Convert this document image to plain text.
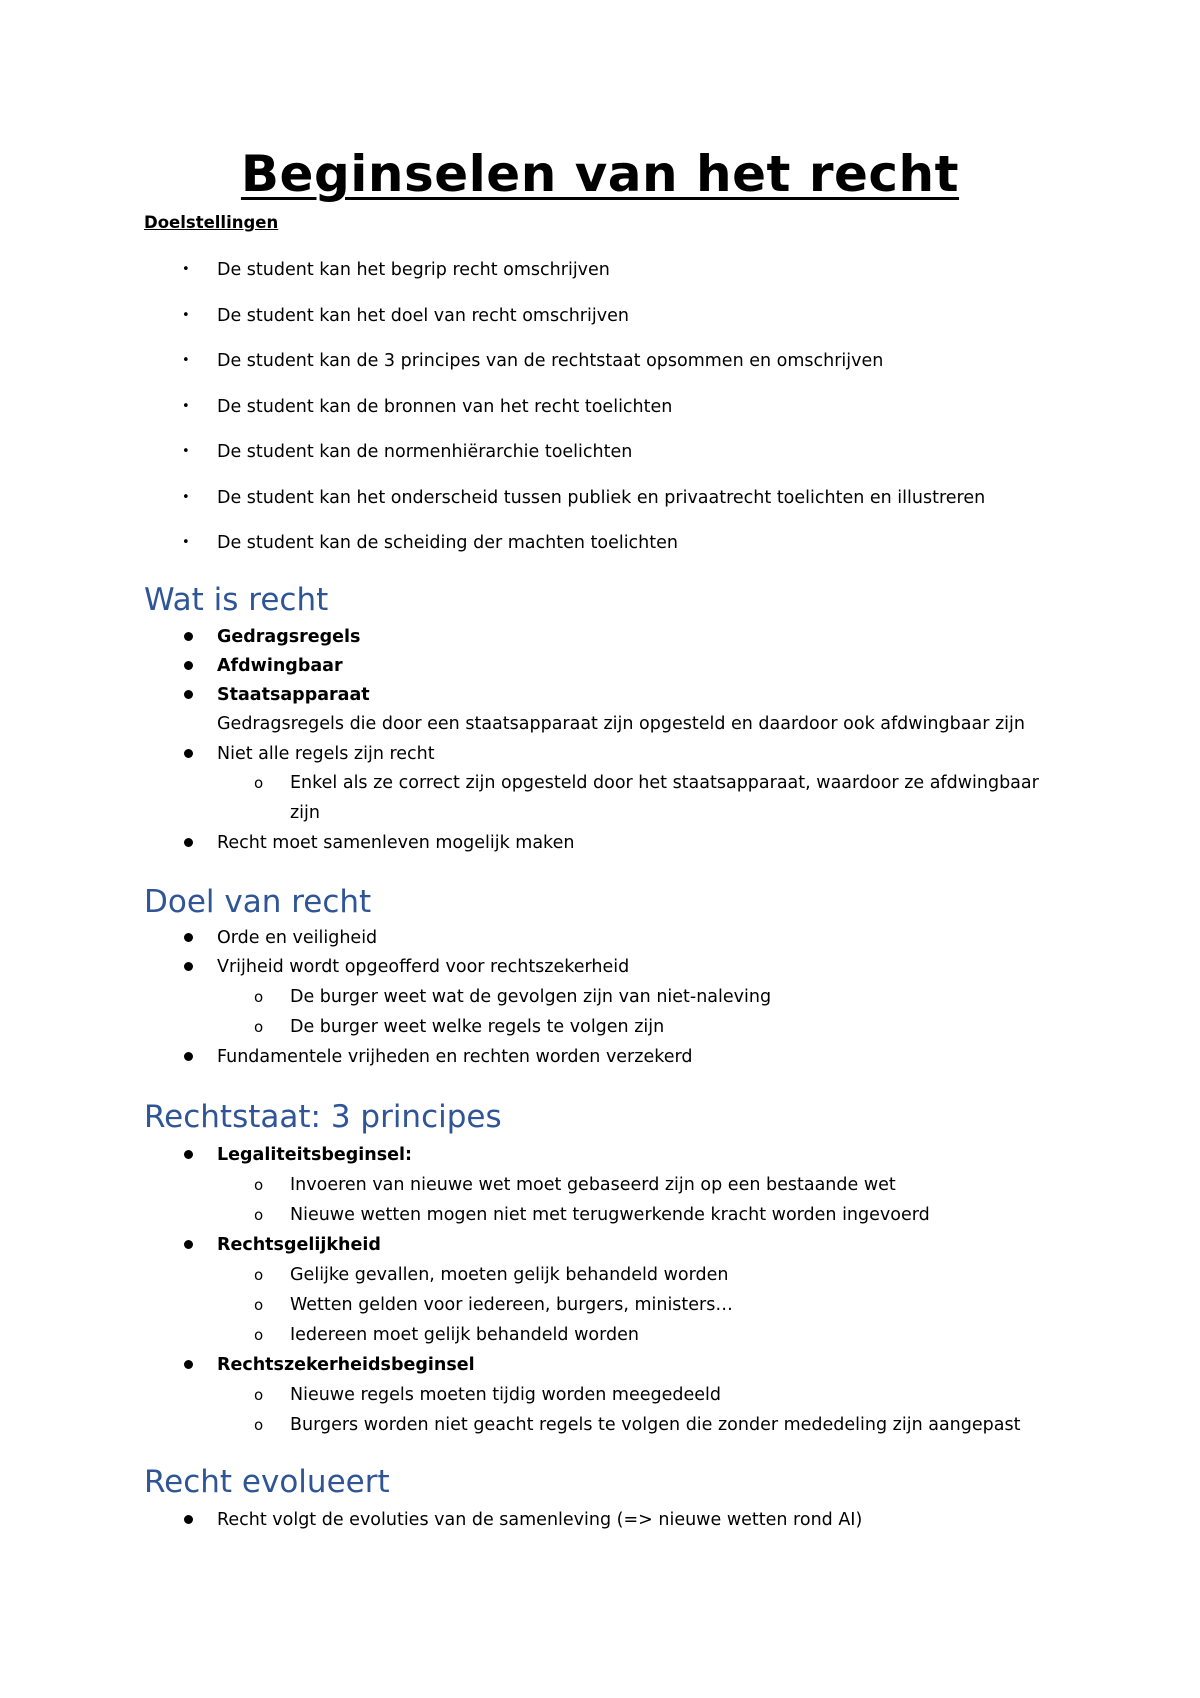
Beginselen van het recht
Doelstellingen
• De student kan het begrip recht omschrijven
• De student kan het doel van recht omschrijven
• De student kan de 3 principes van de rechtstaat opsommen en omschrijven
• De student kan de bronnen van het recht toelichten
• De student kan de normenhiërarchie toelichten
• De student kan het onderscheid tussen publiek en privaatrecht toelichten en illustreren
• De student kan de scheiding der machten toelichten
Wat is recht
Gedragsregels
Afdwingbaar
Staatsapparaat
Gedragsregels die door een staatsapparaat zijn opgesteld en daardoor ook afdwingbaar zijn
Niet alle regels zijn recht
o Enkel als ze correct zijn opgesteld door het staatsapparaat, waardoor ze afdwingbaar
zijn
Recht moet samenleven mogelijk maken
Doel van recht
Orde en veiligheid
Vrijheid wordt opgeofferd voor rechtszekerheid
o De burger weet wat de gevolgen zijn van niet-naleving
o De burger weet welke regels te volgen zijn
Fundamentele vrijheden en rechten worden verzekerd
Rechtstaat: 3 principes
Legaliteitsbeginsel:
o Invoeren van nieuwe wet moet gebaseerd zijn op een bestaande wet
o Nieuwe wetten mogen niet met terugwerkende kracht worden ingevoerd
Rechtsgelijkheid
o Gelijke gevallen, moeten gelijk behandeld worden
o Wetten gelden voor iedereen, burgers, ministers…
o Iedereen moet gelijk behandeld worden
Rechtszekerheidsbeginsel
o Nieuwe regels moeten tijdig worden meegedeeld
o Burgers worden niet geacht regels te volgen die zonder mededeling zijn aangepast
Recht evolueert
Recht volgt de evoluties van de samenleving (=> nieuwe wetten rond AI)
